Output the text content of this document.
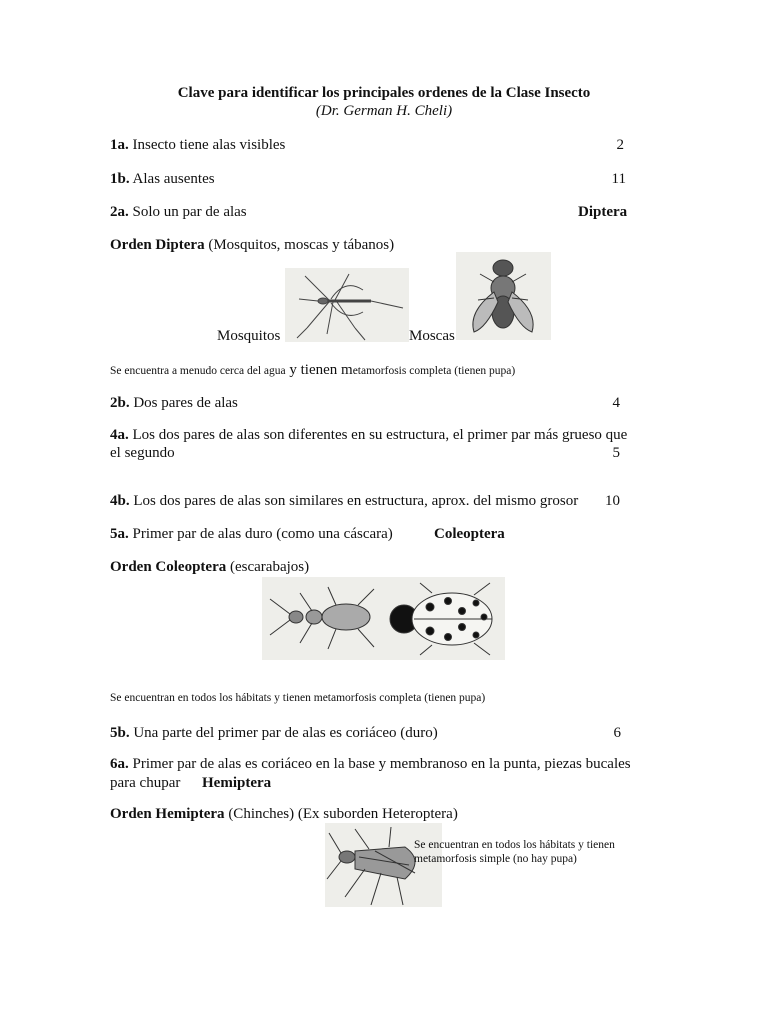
Clave para identificar los principales ordenes de la Clase Insecto
(Dr. German H. Cheli)
1a. Insecto tiene alas visibles	2
1b. Alas ausentes	11
2a. Solo un par de alas	Diptera
Orden Diptera (Mosquitos, moscas y tábanos)
Mosquitos	Moscas
Se encuentra a menudo cerca del agua y tienen metamorfosis completa (tienen pupa)
2b. Dos pares de alas	4
4a. Los dos pares de alas son diferentes en su estructura, el primer par más grueso que
el segundo	5
4b. Los dos pares de alas son similares en estructura, aprox. del mismo grosor	10
5a. Primer par de alas duro (como una cáscara)	Coleoptera
Orden Coleoptera (escarabajos)
Se encuentran en todos los hábitats y tienen metamorfosis completa (tienen pupa)
5b. Una parte del primer par de alas es coriáceo (duro)	6
6a. Primer par de alas es coriáceo en la base y membranoso en la punta, piezas bucales
para chupar Hemiptera
Orden Hemiptera (Chinches) (Ex suborden Heteroptera)
Se encuentran en todos los hábitats y tienen
metamorfosis simple (no hay pupa)
